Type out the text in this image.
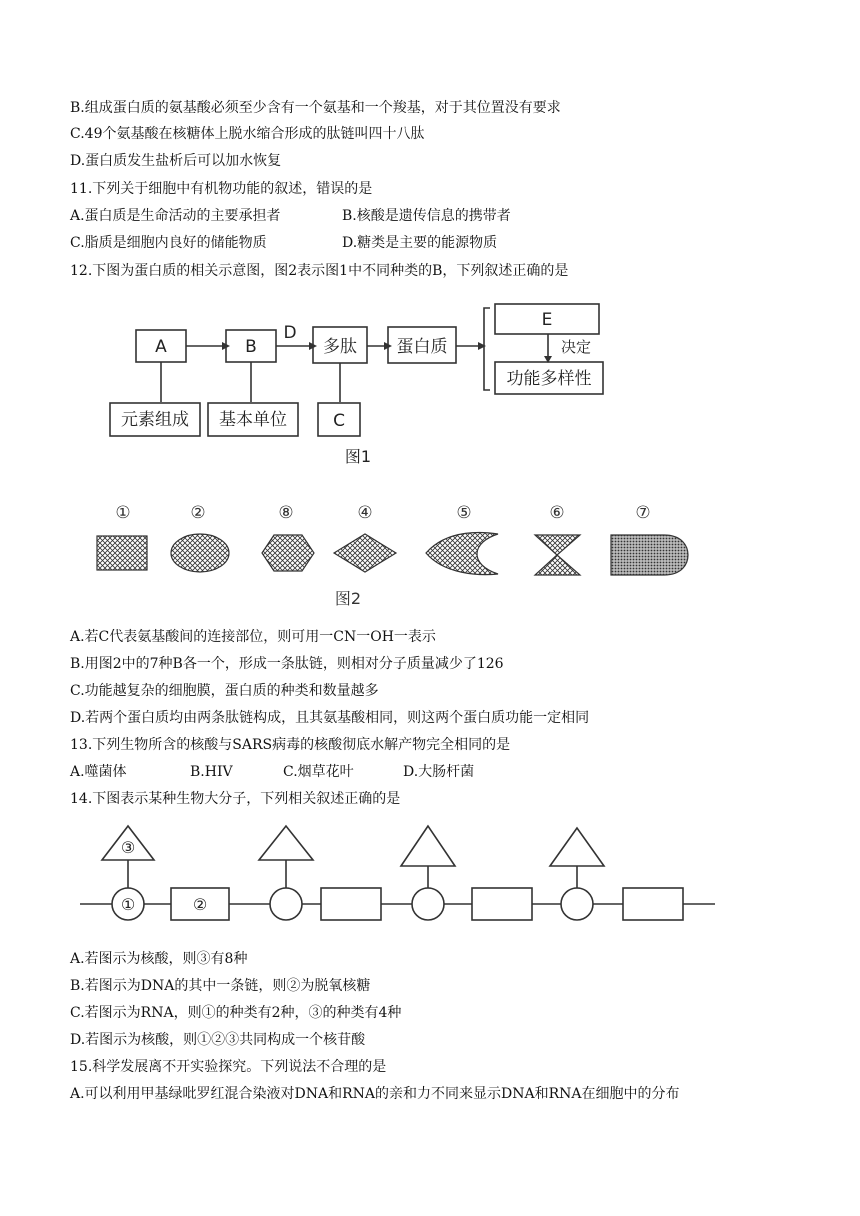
B.组成蛋白质的氨基酸必须至少含有一个氨基和一个羧基，对于其位置没有要求
C.49个氨基酸在核糖体上脱水缩合形成的肽链叫四十八肽
D.蛋白质发生盐析后可以加水恢复
11.下列关于细胞中有机物功能的叙述，错误的是
A.蛋白质是生命活动的主要承担者	B.核酸是遗传信息的携带者
C.脂质是细胞内良好的储能物质	D.糖类是主要的能源物质
12.下图为蛋白质的相关示意图，图2表示图1中不同种类的B，下列叙述正确的是
A	B
D
多肽 蛋白质
E
决定
功能多样性
元素组成 基本单位	C
图1
①	②	⑧	④	⑤	⑥	⑦
图2
A.若C代表氨基酸间的连接部位，则可用一CN一OH一表示
B.用图2中的7种B各一个，形成一条肽链，则相对分子质量减少了126
C.功能越复杂的细胞膜，蛋白质的种类和数量越多
D.若两个蛋白质均由两条肽链构成，且其氨基酸相同，则这两个蛋白质功能一定相同
13.下列生物所含的核酸与SARS病毒的核酸彻底水解产物完全相同的是
A.噬菌体	B.HIV	C.烟草花叶	D.大肠杆菌
14.下图表示某种生物大分子，下列相关叙述正确的是
③
①	②
A.若图示为核酸，则③有8种
B.若图示为DNA的其中一条链，则②为脱氧核糖
C.若图示为RNA，则①的种类有2种，③的种类有4种
D.若图示为核酸，则①②③共同构成一个核苷酸
15.科学发展离不开实验探究。下列说法不合理的是
A.可以利用甲基绿吡罗红混合染液对DNA和RNA的亲和力不同来显示DNA和RNA在细胞中的分布
